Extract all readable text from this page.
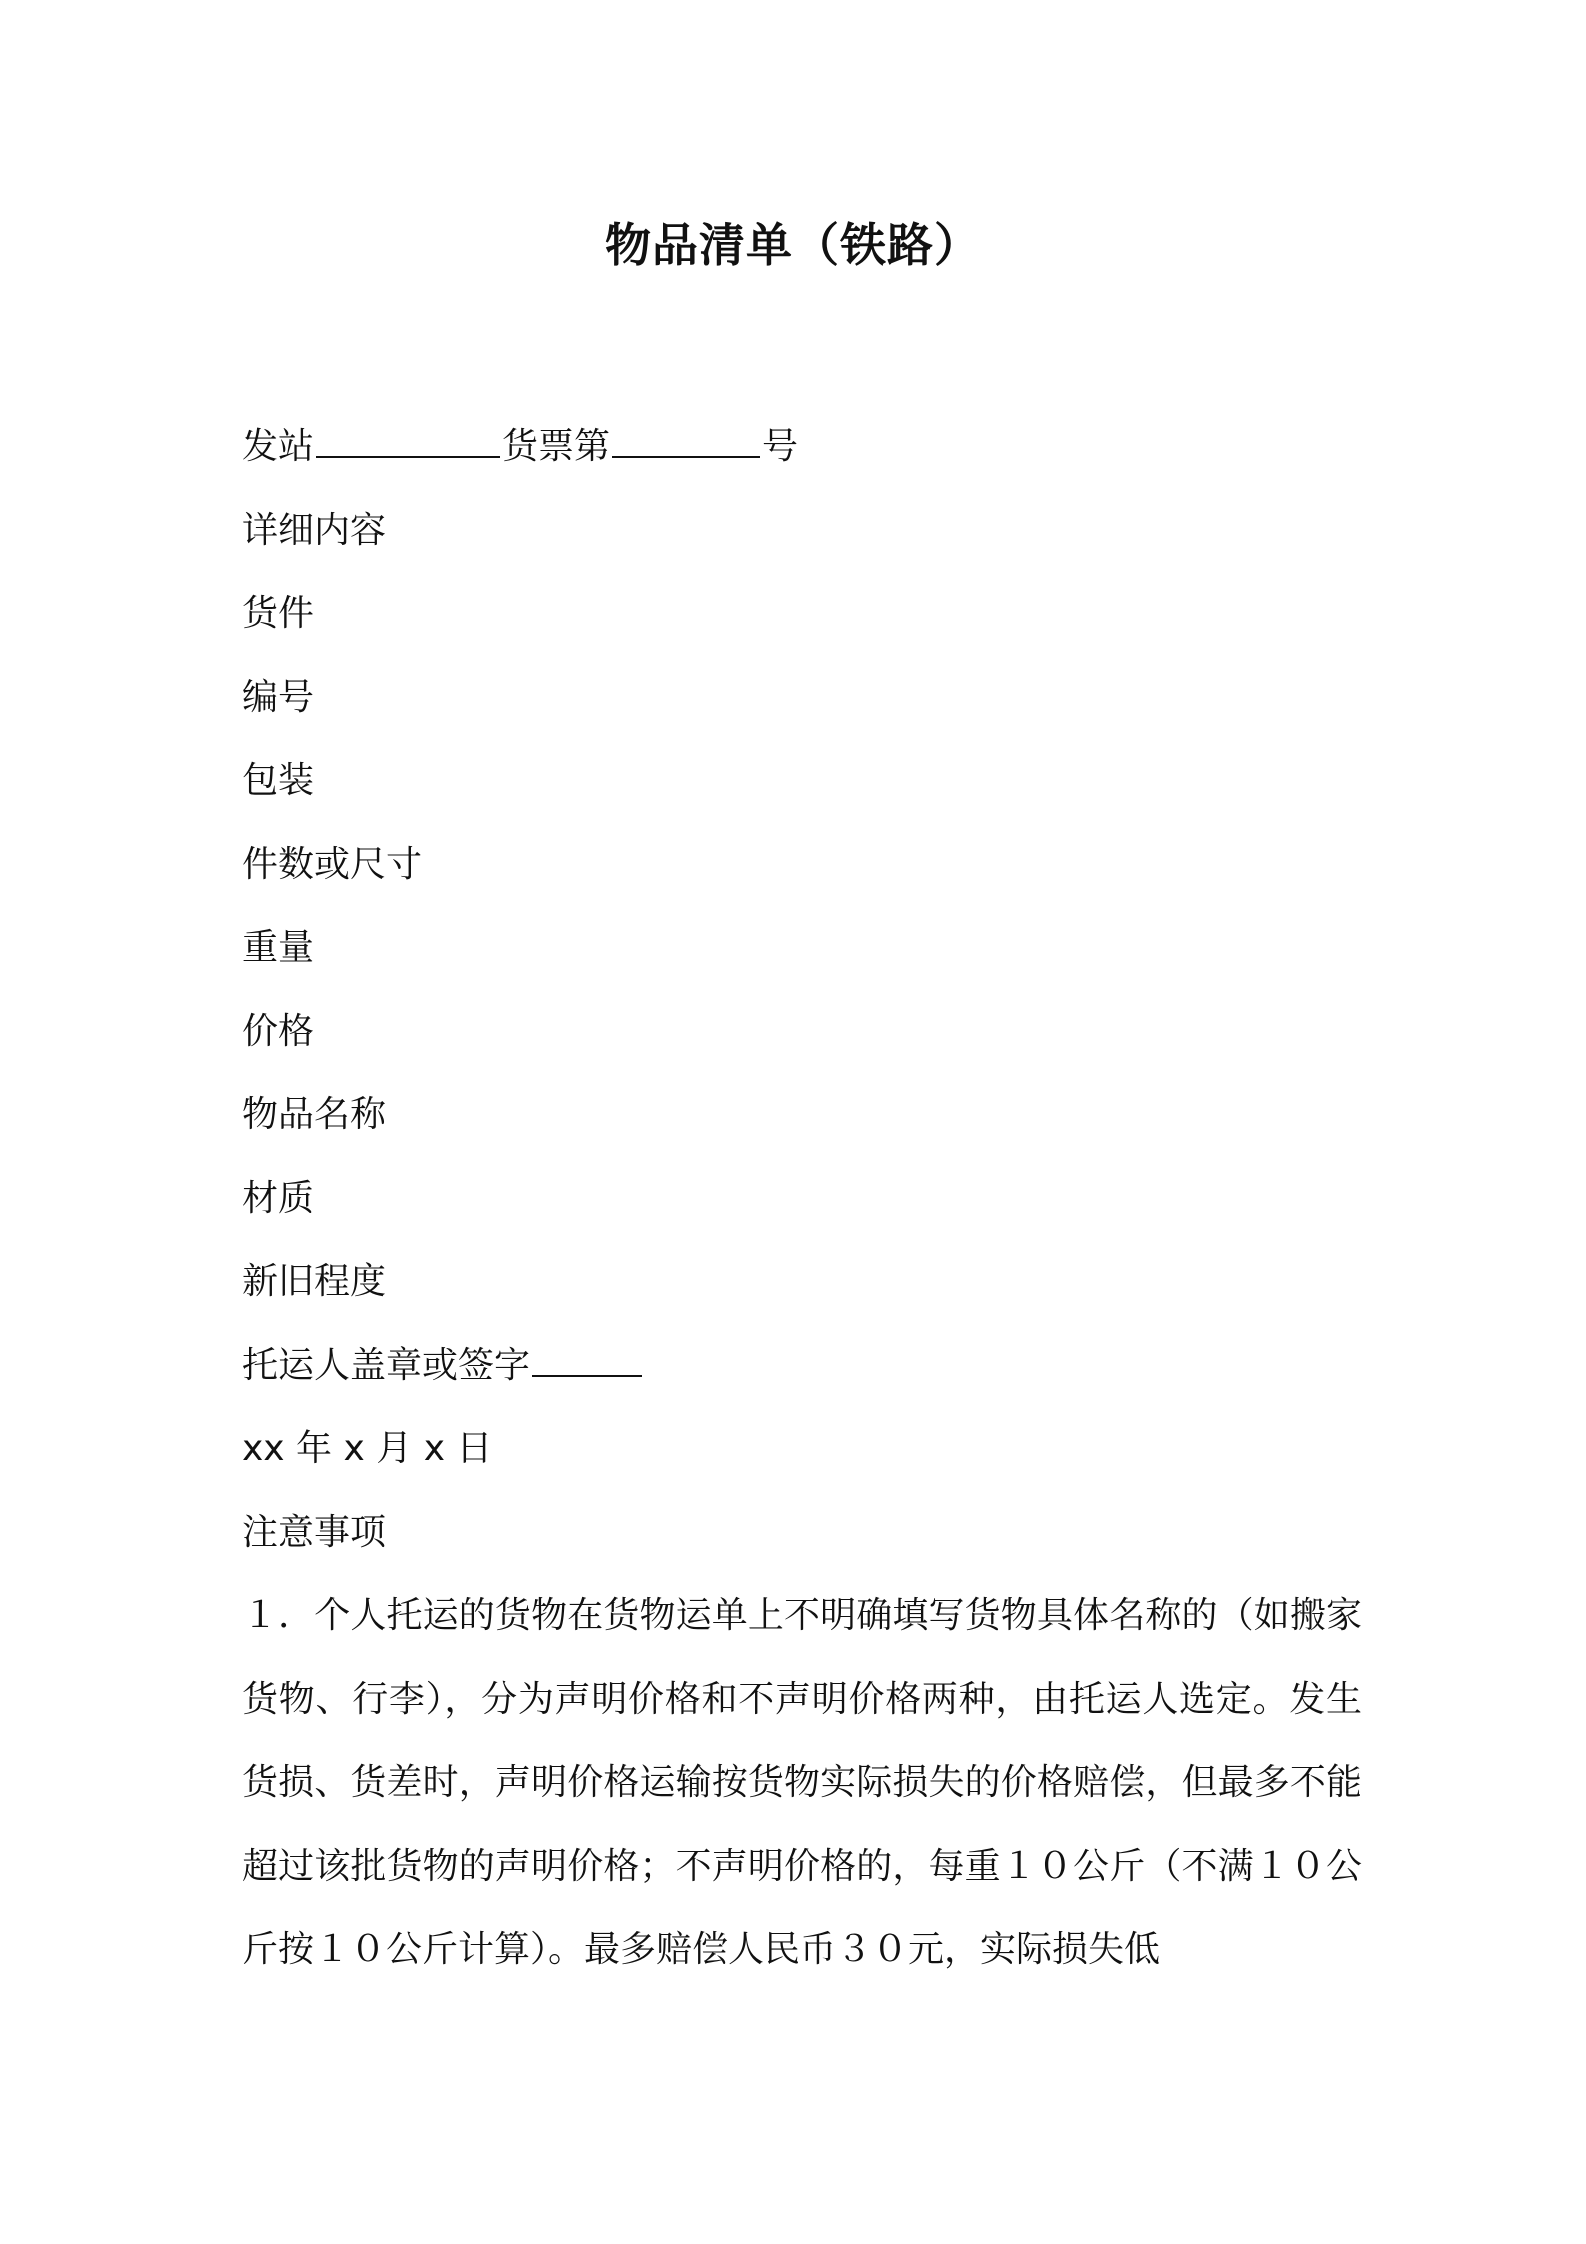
物品清单（铁路）
发站	货票第	号
详细内容
货件
编号
包装
件数或尺寸
重量
价格
物品名称
材质
新旧程度
托运人盖章或签字
xx 年 x 月 x 日
注意事项
１．个人托运的货物在货物运单上不明确填写货物具体名称的（如搬家货物、行李），分为声明价格和不声明价格两种，由托运人选定。发生货损、货差时，声明价格运输按货物实际损失的价格赔偿，但最多不能超过该批货物的声明价格；不声明价格的，每重１０公斤（不满１０公斤按１０公斤计算）。最多赔偿人民币３０元，实际损失低
